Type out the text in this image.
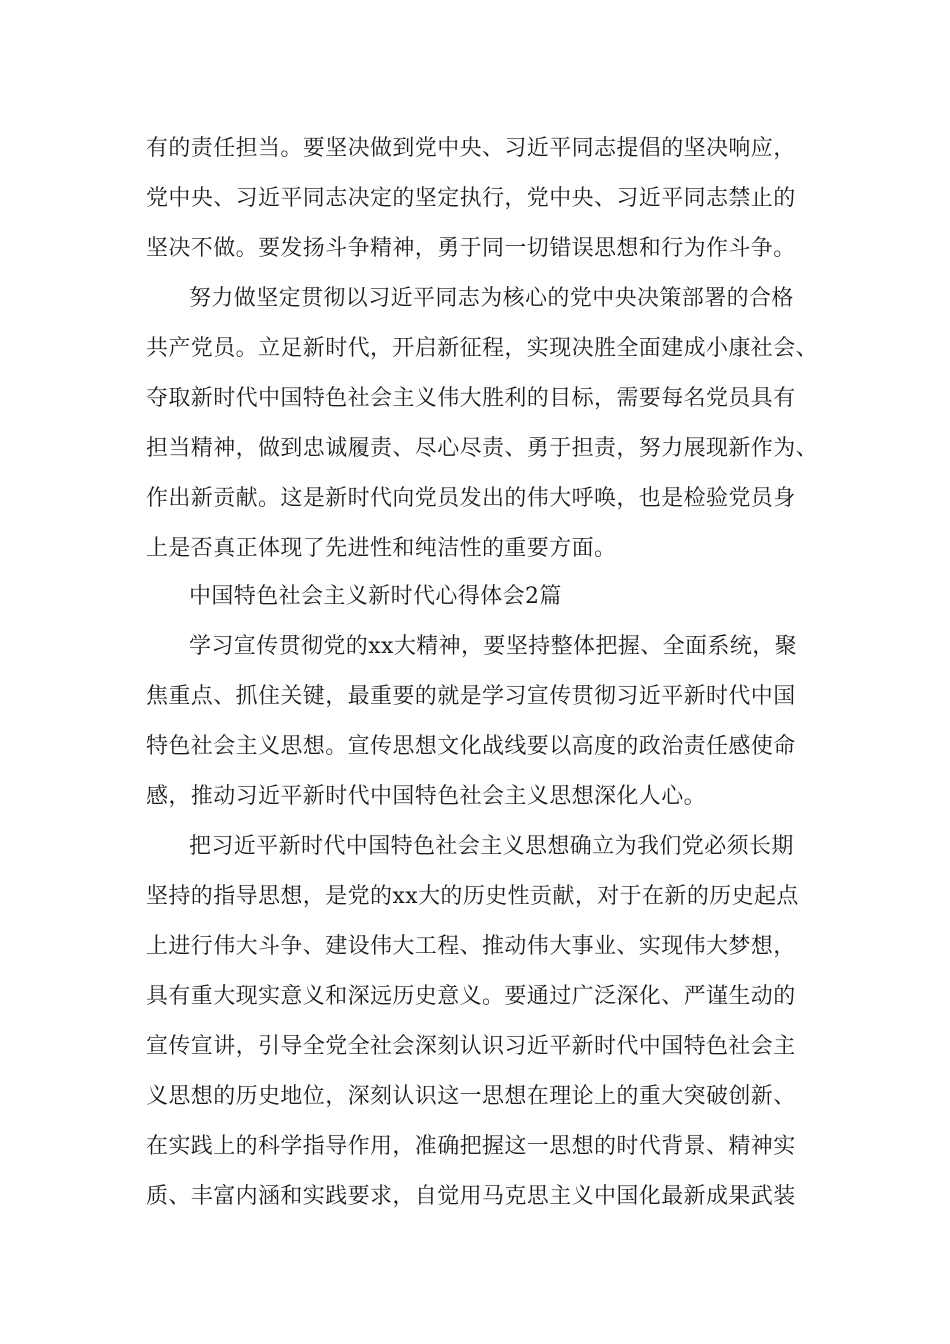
有的责任担当。要坚决做到党中央、习近平同志提倡的坚决响应，
党中央、习近平同志决定的坚定执行，党中央、习近平同志禁止的
坚决不做。要发扬斗争精神，勇于同一切错误思想和行为作斗争。
努力做坚定贯彻以习近平同志为核心的党中央决策部署的合格
共产党员。立足新时代，开启新征程，实现决胜全面建成小康社会、
夺取新时代中国特色社会主义伟大胜利的目标，需要每名党员具有
担当精神，做到忠诚履责、尽心尽责、勇于担责，努力展现新作为、
作出新贡献。这是新时代向党员发出的伟大呼唤，也是检验党员身
上是否真正体现了先进性和纯洁性的重要方面。
中国特色社会主义新时代心得体会2篇
学习宣传贯彻党的xx大精神，要坚持整体把握、全面系统，聚
焦重点、抓住关键，最重要的就是学习宣传贯彻习近平新时代中国
特色社会主义思想。宣传思想文化战线要以高度的政治责任感使命
感，推动习近平新时代中国特色社会主义思想深化人心。
把习近平新时代中国特色社会主义思想确立为我们党必须长期
坚持的指导思想，是党的xx大的历史性贡献，对于在新的历史起点
上进行伟大斗争、建设伟大工程、推动伟大事业、实现伟大梦想，
具有重大现实意义和深远历史意义。要通过广泛深化、严谨生动的
宣传宣讲，引导全党全社会深刻认识习近平新时代中国特色社会主
义思想的历史地位，深刻认识这一思想在理论上的重大突破创新、
在实践上的科学指导作用，准确把握这一思想的时代背景、精神实
质、丰富内涵和实践要求，自觉用马克思主义中国化最新成果武装
